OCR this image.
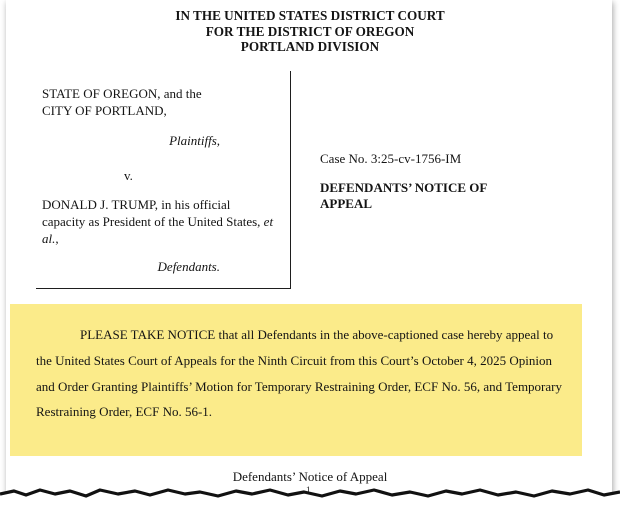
IN THE UNITED STATES DISTRICT COURT
FOR THE DISTRICT OF OREGON
PORTLAND DIVISION
STATE OF OREGON, and the
CITY OF PORTLAND,
Plaintiffs,
v.
DONALD J. TRUMP, in his official
capacity as President of the United States, et
al.,
Defendants.
Case No. 3:25-cv-1756-IM
DEFENDANTS’ NOTICE OF
APPEAL
PLEASE TAKE NOTICE that all Defendants in the above-captioned case hereby appeal to
the United States Court of Appeals for the Ninth Circuit from this Court’s October 4, 2025 Opinion
and Order Granting Plaintiffs’ Motion for Temporary Restraining Order, ECF No. 56, and Temporary
Restraining Order, ECF No. 56-1.
Defendants’ Notice of Appeal
1
